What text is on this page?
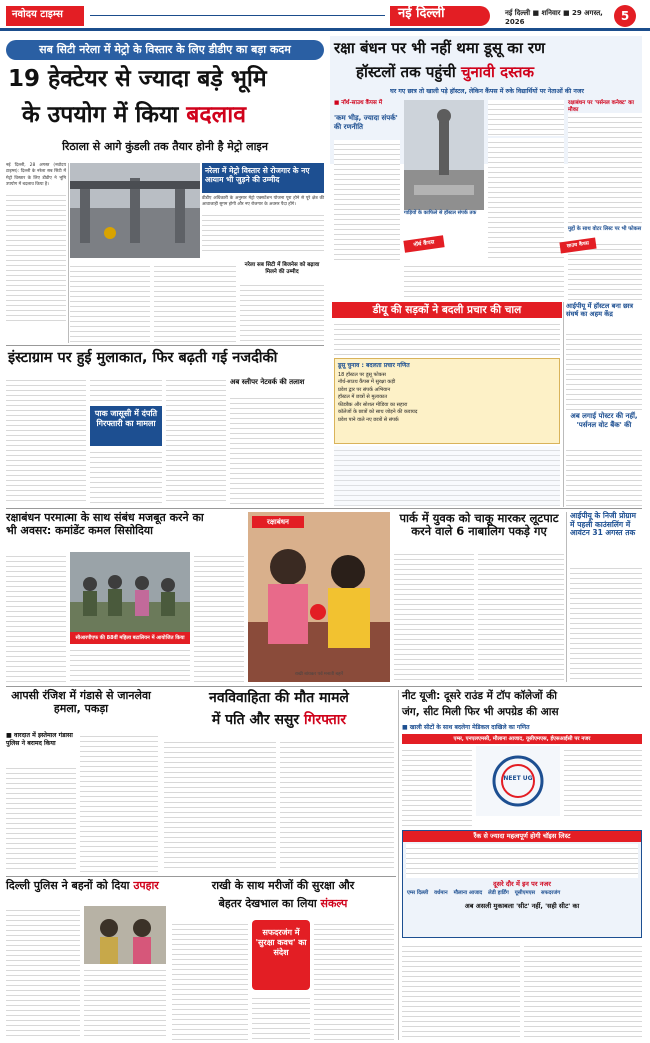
नवोदय टाइम्स	नई दिल्ली	नई दिल्ली ■ शनिवार ■ 29 अगस्त, 2026	5
सब सिटी नरेला में मेट्रो के विस्तार के लिए डीडीए का बड़ा कदम
19 हेक्टेयर से ज्यादा बड़े भूमि
के उपयोग में किया बदलाव
रिठाला से आगे कुंडली तक तैयार होनी है मेट्रो लाइन

नई दिल्ली, 28 अगस्त (नवोदय टाइम्स): दिल्ली के नरेला सब सिटी में मेट्रो विस्तार के लिए डीडीए ने भूमि उपयोग में बदलाव किया है।

नरेला में मेट्रो विस्तार से रोजगार के नए आयाम भी जुड़ने की उम्मीद

डीडीए अधिकारी के अनुसार मेट्रो एक्सटेंशन योजना पूरा होने से पूरे क्षेत्र की आवाजाही सुगम होगी और नए रोजगार के अवसर पैदा होंगे।

नरेला सब सिटी में बिजनेस को बढ़ावा मिलने की उम्मीद
इंस्टाग्राम पर हुई मुलाकात, फिर बढ़ती गई नजदीकी
पाक जासूसी में दंपति गिरफ्तारी का मामला
अब स्लीपर नेटवर्क की तलाश
रक्षा बंधन पर भी नहीं थमा डूसू का रण
हॉस्टलों तक पहुंची चुनावी दस्तक
घर गए छात्र तो खाली पड़े हॉस्टल, लेकिन कैंपस में रुके विद्यार्थियों पर नेताओं की नजर
■ नॉर्थ-साउथ कैंपस में
'कम भीड़, ज्यादा संपर्क' की रणनीति
गाड़ियों के काफिले से हॉस्टल संपर्क तक
नॉर्थ कैंपस
रक्षाबंधन पर 'पर्सनल कनेक्ट' का मौका
मुद्दों के साथ वोटर लिस्ट पर भी फोकस
साउथ कैंपस
डीयू की सड़कों ने बदली प्रचार की चाल
डूसू चुनाव : बदलता प्रचार गणित
18 हॉस्टल पर डूसू फोकस
नॉर्थ-साउथ कैंपस में सुरक्षा कड़ी
प्रवेश द्वार पर संपर्क अभियान
हॉस्टल में छात्रों से मुलाकात
फीडबैक और सोशल मीडिया का सहारा
कॉलेजों के छात्रों को साथ जोड़ने की कवायद
प्रवेश पाने वाले नए छात्रों से संपर्क
आईपीयू में हॉस्टल बना छात्र संघर्ष का अहम केंद्र
अब लगाई पोस्टर की नहीं, 'पर्सनल वोट बैंक' की
रक्षाबंधन परमात्मा के साथ संबंध मजबूत करने का भी अवसर: कमांडेंट कमल सिसोदिया
सीआरपीएफ की 88वीं महिला बटालियन में आयोजित किया
रक्षाबंधन
राखी बांधकर पर्व मनाती बहनें
पार्क में युवक को चाकू मारकर लूटपाट करने वाले 6 नाबालिग पकड़े गए
आईपीयू के निजी प्रोग्राम में पहली काउंसलिंग में आवंटन 31 अगस्त तक
आपसी रंजिश में गंडासे से जानलेवा हमला, पकड़ा
■ वारदात में इस्तेमाल गंडासा पुलिस ने बरामद किया
नवविवाहिता की मौत मामले
में पति और ससुर गिरफ्तार
नीट यूजी: दूसरे राउंड में टॉप कॉलेजों की
जंग, सीट मिली फिर भी अपग्रेड की आस
■ खाली सीटों के साथ बदलेगा मेडिकल दाखिले का गणित
एम्स, एनएलएमसी, मौलाना आजाद, यूसीएमएस, ईएसआईसी पर नजर
NEET UG
रैंक से ज्यादा महत्वपूर्ण होगी चॉइस लिस्ट
दूसरे दौर में इन पर नजर
एम्स दिल्ली वर्धमान मौलाना आजाद लेडी हार्डिंग यूसीएमएस सफदरजंग
अब असली मुकाबला 'सीट' नहीं, 'सही सीट' का
दिल्ली पुलिस ने बहनों को दिया उपहार	राखी के साथ मरीजों की सुरक्षा और
बेहतर देखभाल का लिया संकल्प
सफदरजंग में 'सुरक्षा कवच' का संदेश
